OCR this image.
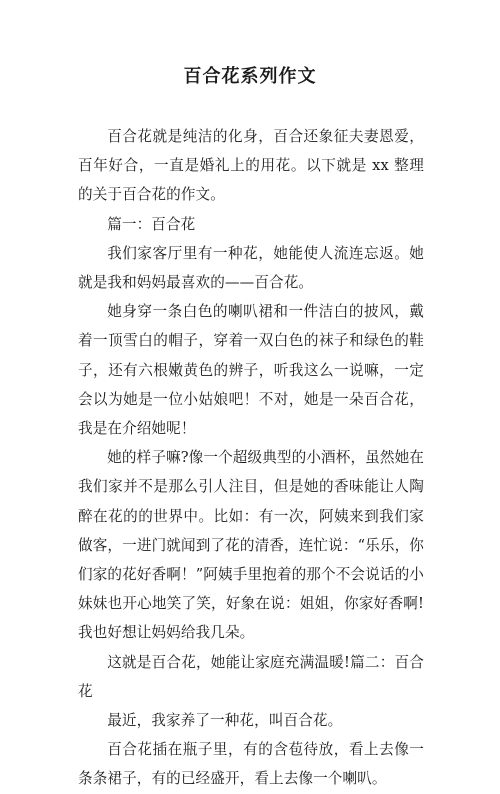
百合花系列作文

百合花就是纯洁的化身，百合还象征夫妻恩爱，百年好合，一直是婚礼上的用花。以下就是 xx 整理的关于百合花的作文。

篇一：百合花

我们家客厅里有一种花，她能使人流连忘返。她就是我和妈妈最喜欢的——百合花。

她身穿一条白色的喇叭裙和一件洁白的披风，戴着一顶雪白的帽子，穿着一双白色的袜子和绿色的鞋子，还有六根嫩黄色的辨子，听我这么一说嘛，一定会以为她是一位小姑娘吧！不对，她是一朵百合花，我是在介绍她呢！

她的样子嘛?像一个超级典型的小酒杯，虽然她在我们家并不是那么引人注目，但是她的香味能让人陶醉在花的的世界中。比如：有一次，阿姨来到我们家做客，一进门就闻到了花的清香，连忙说：“乐乐，你们家的花好香啊！”阿姨手里抱着的那个不会说话的小妹妹也开心地笑了笑，好象在说：姐姐，你家好香啊!我也好想让妈妈给我几朵。

这就是百合花，她能让家庭充满温暖!篇二：百合花

最近，我家养了一种花，叫百合花。

百合花插在瓶子里，有的含苞待放，看上去像一条条裙子，有的已经盛开，看上去像一个喇叭。
